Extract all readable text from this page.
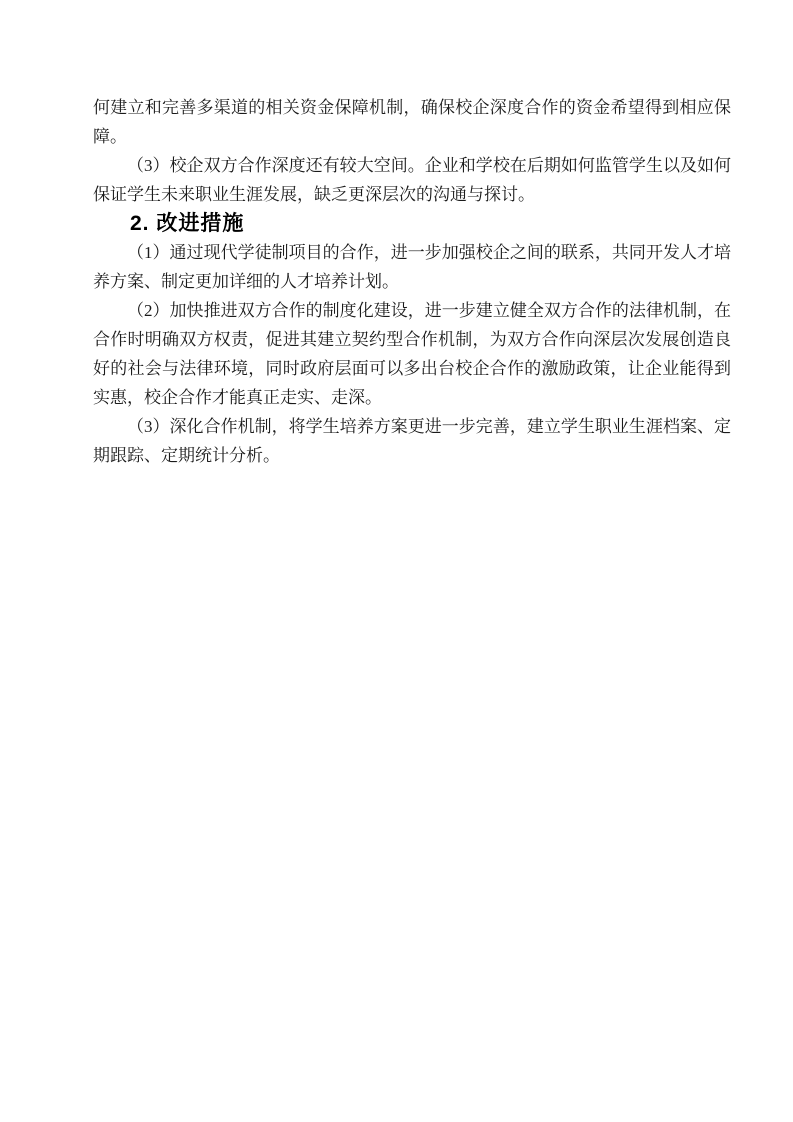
何建立和完善多渠道的相关资金保障机制，确保校企深度合作的资金希望得到相应保障。

（3）校企双方合作深度还有较大空间。企业和学校在后期如何监管学生以及如何保证学生未来职业生涯发展，缺乏更深层次的沟通与探讨。

2. 改进措施

（1）通过现代学徒制项目的合作，进一步加强校企之间的联系，共同开发人才培养方案、制定更加详细的人才培养计划。

（2）加快推进双方合作的制度化建设，进一步建立健全双方合作的法律机制，在合作时明确双方权责，促进其建立契约型合作机制，为双方合作向深层次发展创造良好的社会与法律环境，同时政府层面可以多出台校企合作的激励政策，让企业能得到实惠，校企合作才能真正走实、走深。

（3）深化合作机制，将学生培养方案更进一步完善，建立学生职业生涯档案、定期跟踪、定期统计分析。
